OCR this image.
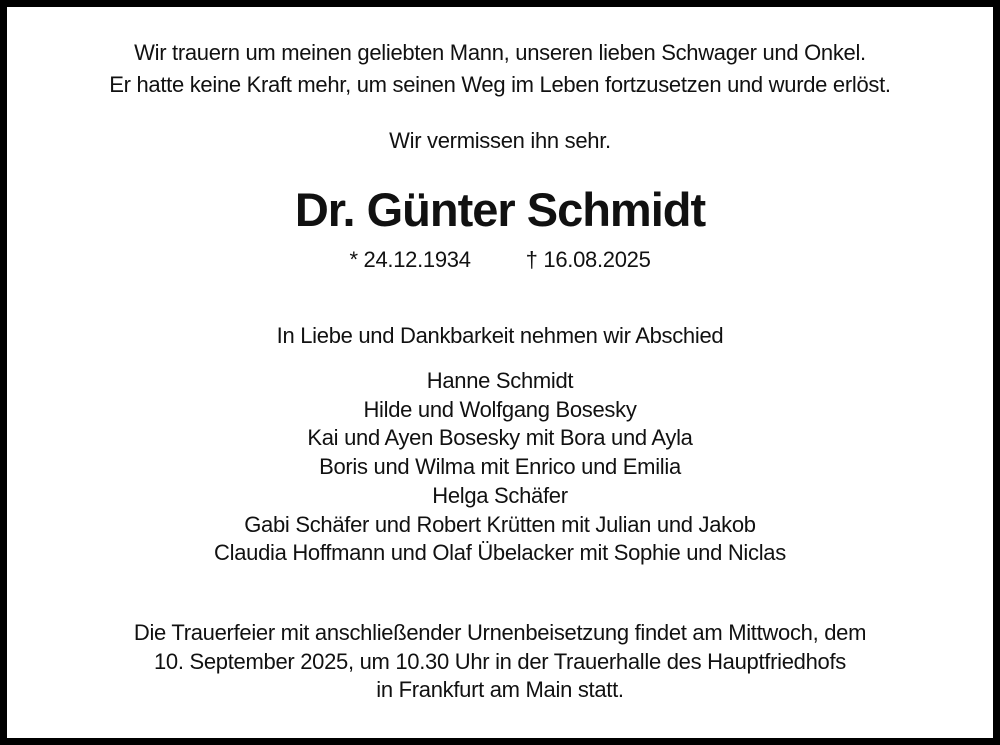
Wir trauern um meinen geliebten Mann, unseren lieben Schwager und Onkel.
Er hatte keine Kraft mehr, um seinen Weg im Leben fortzusetzen und wurde erlöst.
Wir vermissen ihn sehr.
Dr. Günter Schmidt
* 24.12.1934	† 16.08.2025
In Liebe und Dankbarkeit nehmen wir Abschied
Hanne Schmidt
Hilde und Wolfgang Bosesky
Kai und Ayen Bosesky mit Bora und Ayla
Boris und Wilma mit Enrico und Emilia
Helga Schäfer
Gabi Schäfer und Robert Krütten mit Julian und Jakob
Claudia Hoffmann und Olaf Übelacker mit Sophie und Niclas
Die Trauerfeier mit anschließender Urnenbeisetzung findet am Mittwoch, dem
10. September 2025, um 10.30 Uhr in der Trauerhalle des Hauptfriedhofs
in Frankfurt am Main statt.
